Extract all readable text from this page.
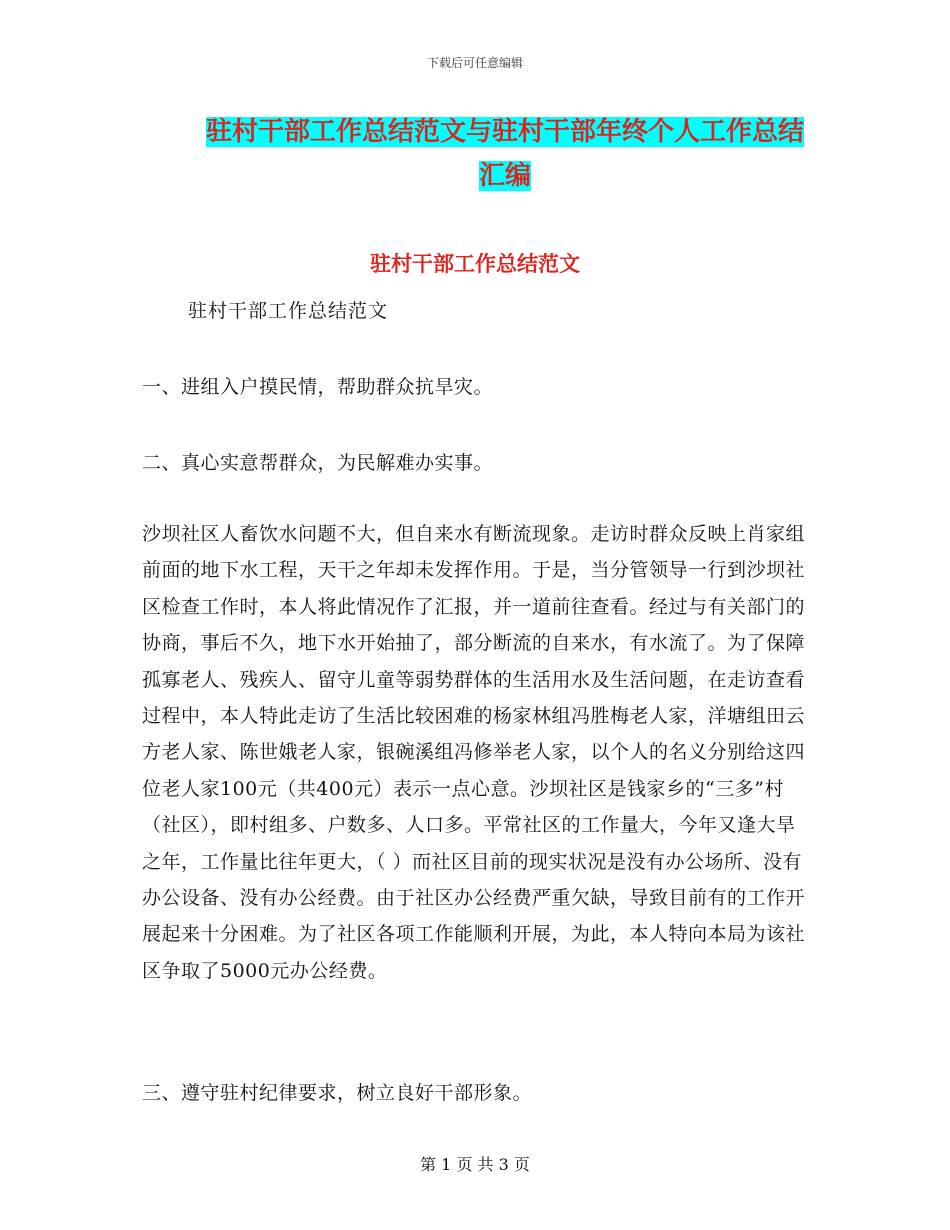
下载后可任意编辑
驻村干部工作总结范文与驻村干部年终个人工作总结
汇编
驻村干部工作总结范文
驻村干部工作总结范文
一、进组入户摸民情，帮助群众抗旱灾。
二、真心实意帮群众，为民解难办实事。
沙坝社区人畜饮水问题不大，但自来水有断流现象。走访时群众反映上肖家组前面的地下水工程，天干之年却未发挥作用。于是，当分管领导一行到沙坝社区检查工作时，本人将此情况作了汇报，并一道前往查看。经过与有关部门的协商，事后不久，地下水开始抽了，部分断流的自来水，有水流了。为了保障孤寡老人、残疾人、留守儿童等弱势群体的生活用水及生活问题，在走访查看过程中，本人特此走访了生活比较困难的杨家林组冯胜梅老人家，洋塘组田云方老人家、陈世娥老人家，银碗溪组冯修举老人家，以个人的名义分别给这四位老人家100元（共400元）表示一点心意。沙坝社区是钱家乡的“三多”村（社区），即村组多、户数多、人口多。平常社区的工作量大，今年又逢大旱之年，工作量比往年更大，（ ）而社区目前的现实状况是没有办公场所、没有办公设备、没有办公经费。由于社区办公经费严重欠缺，导致目前有的工作开展起来十分困难。为了社区各项工作能顺利开展，为此，本人特向本局为该社区争取了5000元办公经费。
三、遵守驻村纪律要求，树立良好干部形象。
第 1 页 共 3 页
